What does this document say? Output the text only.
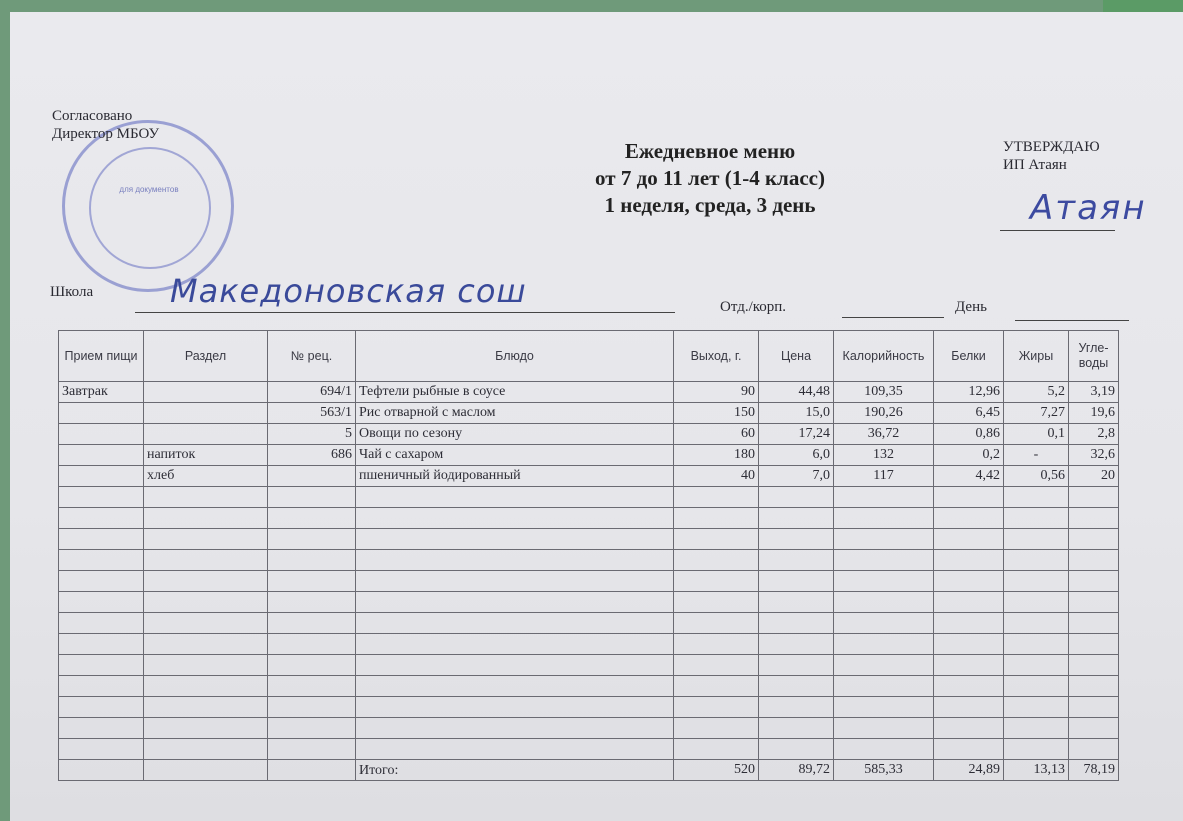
для документов
Согласовано
Директор МБОУ
Ежедневное меню
от 7 до 11 лет (1-4 класс)
1 неделя, среда, 3 день
УТВЕРЖДАЮ
ИП Атаян
Атаян
Школа Македоновская сош	Отд./корп.	День
Прием пищи	Раздел	№ рец.	Блюдо	Выход, г.	Цена	Калорийность	Белки	Жиры	Угле-воды
Завтрак		694/1	Тефтели рыбные в соусе	90	44,48	109,35	12,96	5,2	3,19
		563/1	Рис отварной с маслом	150	15,0	190,26	6,45	7,27	19,6
		5	Овощи по сезону	60	17,24	36,72	0,86	0,1	2,8
	напиток	686	Чай с сахаром	180	6,0	132	0,2	-	32,6
	хлеб		пшеничный йодированный	40	7,0	117	4,42	0,56	20

			Итого:	520	89,72	585,33	24,89	13,13	78,19
